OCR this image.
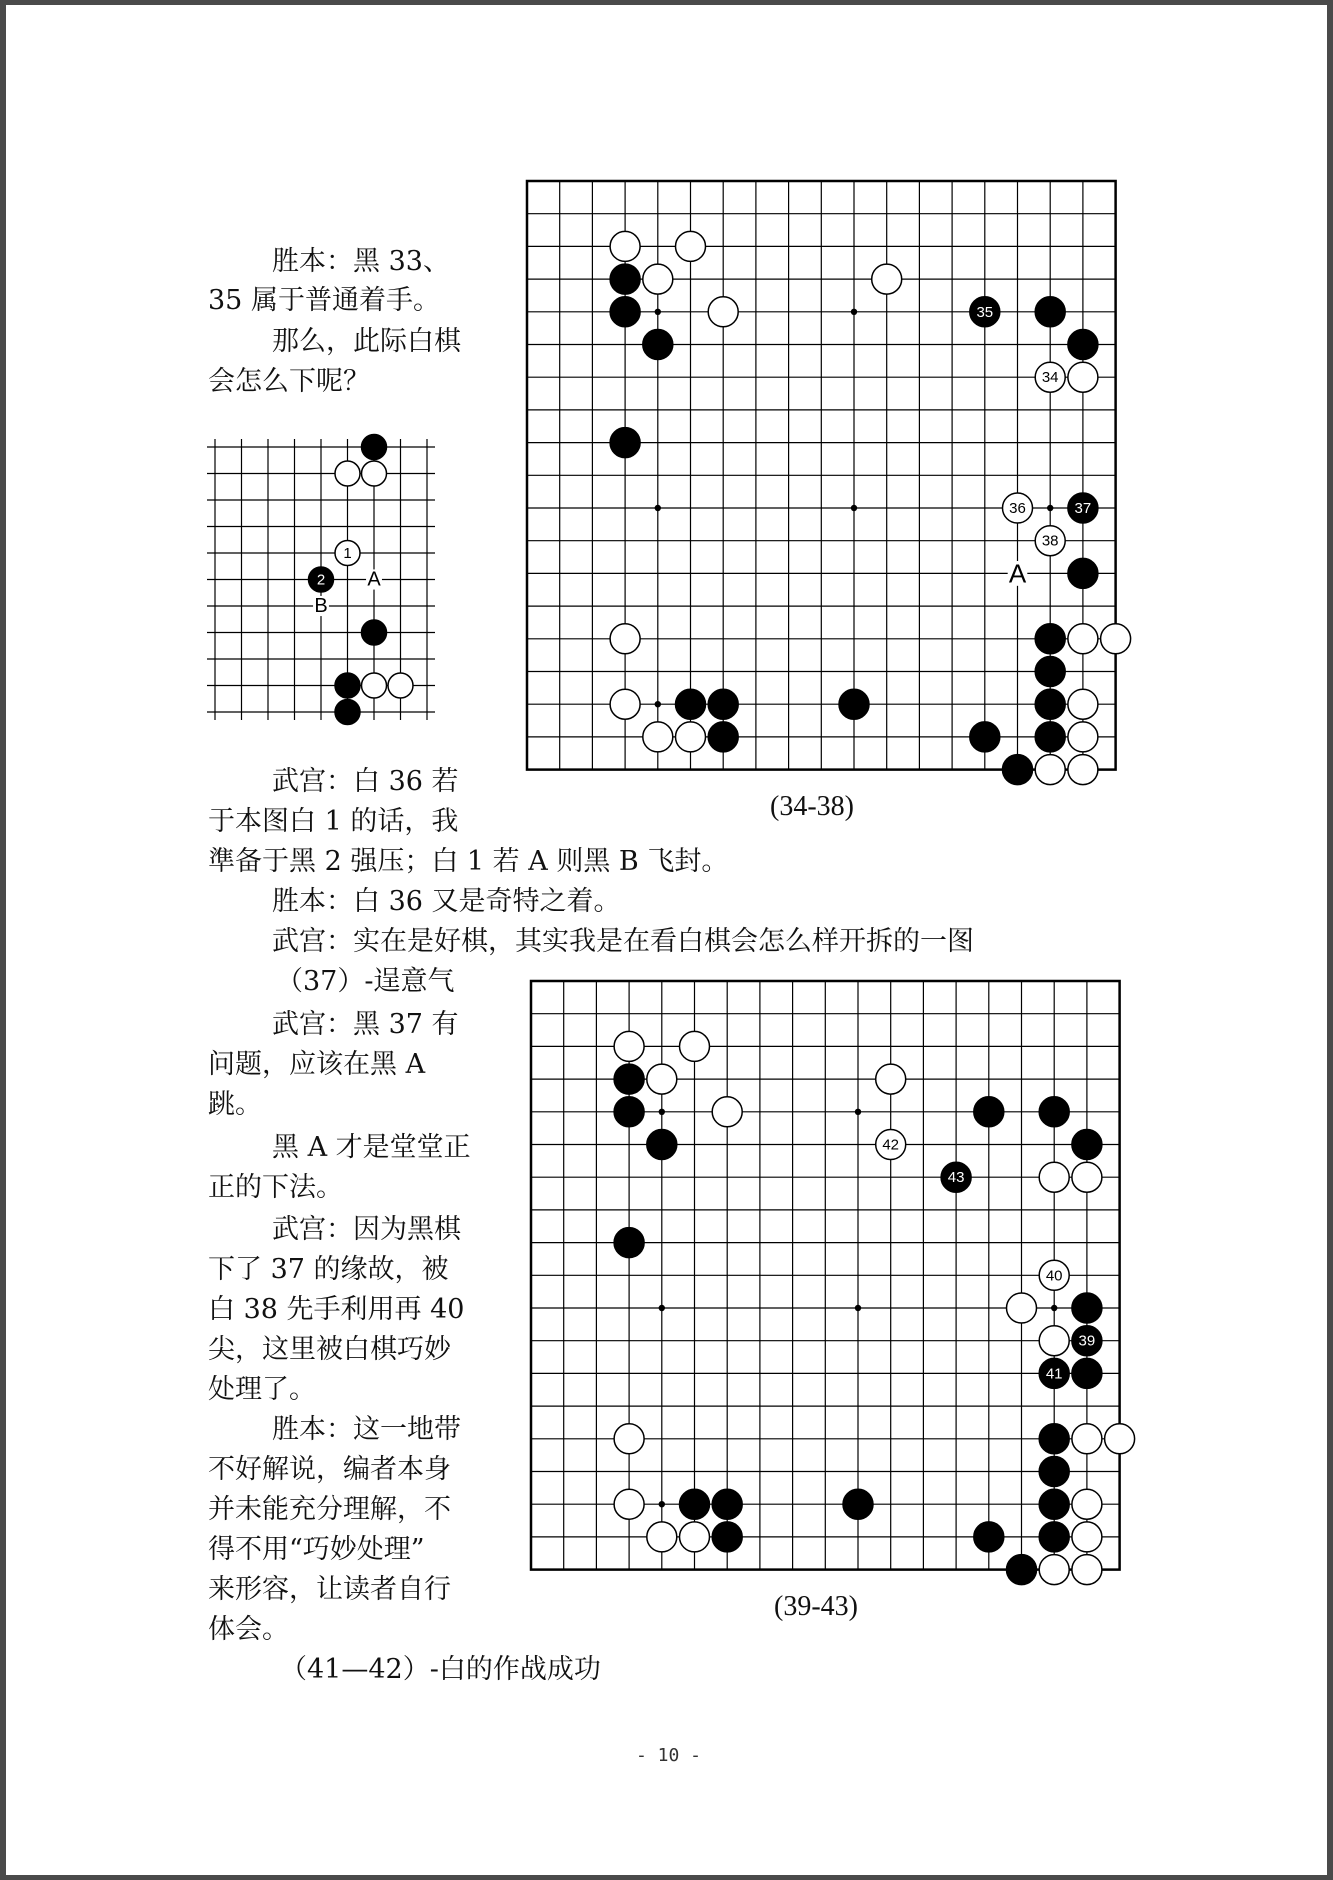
A
35
34
36	37
38
(34-38)
A
B
1
2
42
43
40
39
41
(39-43)
胜本：黑 33、
35 属于普通着手。
那么，此际白棋
会怎么下呢？
武宫：白 36 若
于本图白 1 的话，我
準备于黑 2 强压；白 1 若 A 则黑 B 飞封。
胜本：白 36 又是奇特之着。
武宫：实在是好棋，其实我是在看白棋会怎么样开拆的一图
（37）-逞意气
武宫：黑 37 有
问题，应该在黑 A
跳。
黑 A 才是堂堂正
正的下法。
武宫：因为黑棋
下了 37 的缘故，被
白 38 先手利用再 40
尖，这里被白棋巧妙
处理了。
胜本：这一地带
不好解说，编者本身
并未能充分理解，不
得不用“巧妙处理”
来形容，让读者自行
体会。
（41—42）-白的作战成功
- 10 -
